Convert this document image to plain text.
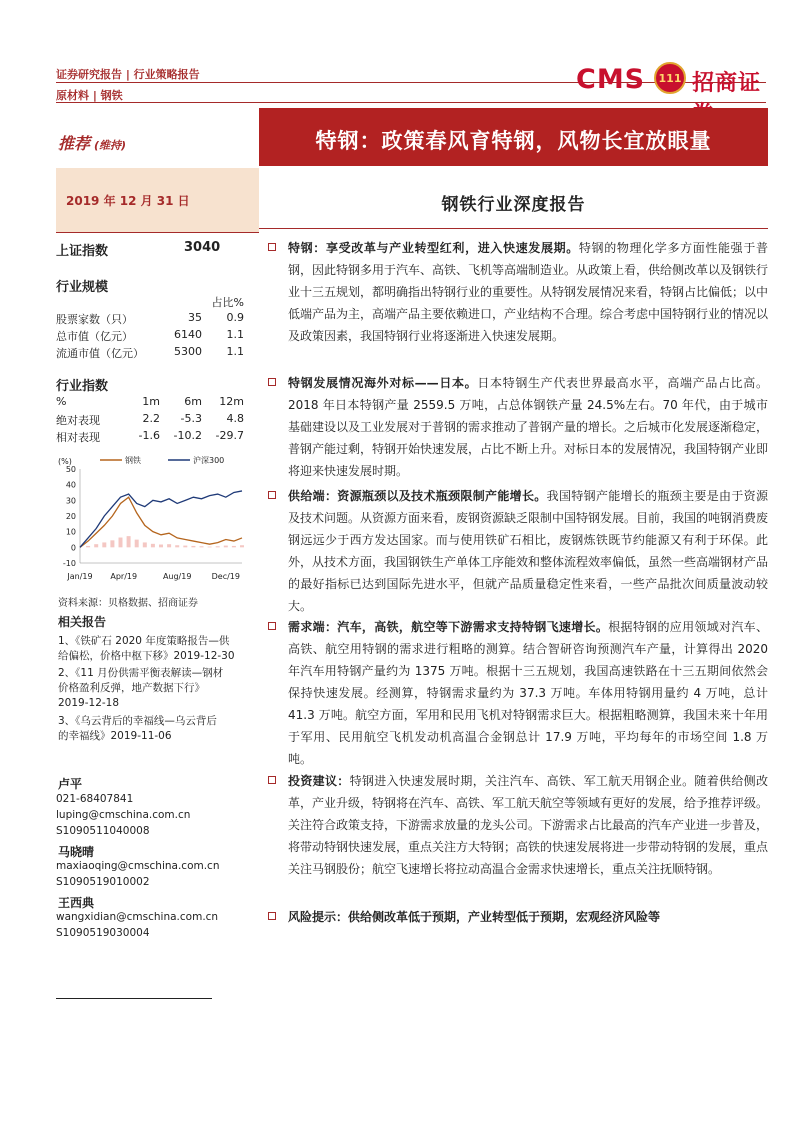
证券研究报告 | 行业策略报告
原材料 | 钢铁
CMS 111 招商证
推荐 (维持)	特钢：政策春风育特钢，风物长宜放眼量
2019 年 12 月 31 日	钢铁行业深度报告
上证指数	3040
行业规模
占比%
股票家数（只）	35	0.9
总市值（亿元）	6140	1.1
流通市值（亿元）	5300	1.1
行业指数
%	1m	6m	12m
绝对表现	2.2	-5.3	4.8
相对表现	-1.6	-10.2	-29.7
(%)
50
40
30
20
10
0
-10
Jan/19 Apr/19	Aug/19	Dec/19
钢铁	沪深300
资料来源：贝格数据、招商证券
相关报告
1、《铁矿石 2020 年度策略报告—供
给偏松，价格中枢下移》2019-12-30
2、《11 月份供需平衡表解读—钢材
价格盈利反弹，地产数据下行》
2019-12-18
3、《乌云背后的幸福线—乌云背后
的幸福线》2019-11-06
卢平
021-68407841
luping@cmschina.com.cn
S1090511040008
马晓晴
maxiaoqing@cmschina.com.cn
S1090519010002
王西典
wangxidian@cmschina.com.cn
S1090519030004
特钢：享受改革与产业转型红利，进入快速发展期。特钢的物理化学多方面性能强于普钢，因此特钢多用于汽车、高铁、飞机等高端制造业。从政策上看，供给侧改革以及钢铁行业十三五规划，都明确指出特钢行业的重要性。从特钢发展情况来看，特钢占比偏低；以中低端产品为主，高端产品主要依赖进口，产业结构不合理。综合考虑中国特钢行业的情况以及政策因素，我国特钢行业将逐渐进入快速发展期。
特钢发展情况海外对标——日本。日本特钢生产代表世界最高水平，高端产品占比高。2018 年日本特钢产量 2559.5 万吨，占总体钢铁产量 24.5%左右。70 年代，由于城市基础建设以及工业发展对于普钢的需求推动了普钢产量的增长。之后城市化发展逐渐稳定，普钢产能过剩，特钢开始快速发展，占比不断上升。对标日本的发展情况，我国特钢产业即将迎来快速发展时期。
供给端：资源瓶颈以及技术瓶颈限制产能增长。我国特钢产能增长的瓶颈主要是由于资源及技术问题。从资源方面来看，废钢资源缺乏限制中国特钢发展。目前，我国的吨钢消费废钢远远少于西方发达国家。而与使用铁矿石相比，废钢炼铁既节约能源又有利于环保。此外，从技术方面，我国钢铁生产单体工序能效和整体流程效率偏低，虽然一些高端钢材产品的最好指标已达到国际先进水平，但就产品质量稳定性来看，一些产品批次间质量波动较大。
需求端：汽车，高铁，航空等下游需求支持特钢飞速增长。根据特钢的应用领域对汽车、高铁、航空用特钢的需求进行粗略的测算。结合智研咨询预测汽车产量，计算得出 2020 年汽车用特钢产量约为 1375 万吨。根据十三五规划，我国高速铁路在十三五期间依然会保持快速发展。经测算，特钢需求量约为 37.3 万吨。车体用特钢用量约 4 万吨，总计 41.3 万吨。航空方面，军用和民用飞机对特钢需求巨大。根据粗略测算，我国未来十年用于军用、民用航空飞机发动机高温合金钢总计 17.9 万吨，平均每年的市场空间 1.8 万吨。
投资建议：特钢进入快速发展时期，关注汽车、高铁、军工航天用钢企业。随着供给侧改革，产业升级，特钢将在汽车、高铁、军工航天航空等领域有更好的发展，给予推荐评级。关注符合政策支持，下游需求放量的龙头公司。下游需求占比最高的汽车产业进一步普及，将带动特钢快速发展，重点关注方大特钢；高铁的快速发展将进一步带动特钢的发展，重点关注马钢股份；航空飞速增长将拉动高温合金需求快速增长，重点关注抚顺特钢。
风险提示：供给侧改革低于预期，产业转型低于预期，宏观经济风险等
